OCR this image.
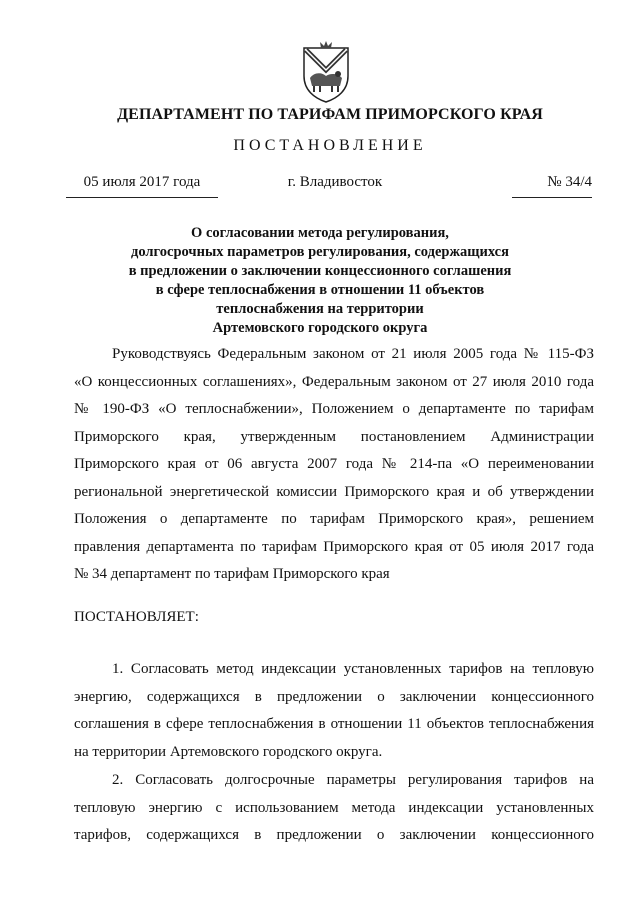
ДЕПАРТАМЕНТ ПО ТАРИФАМ ПРИМОРСКОГО КРАЯ
ПОСТАНОВЛЕНИЕ
05 июля 2017 года	г. Владивосток	№ 34/4
О согласовании метода регулирования,
долгосрочных параметров регулирования, содержащихся
в предложении о заключении концессионного соглашения
в сфере теплоснабжения в отношении 11 объектов
теплоснабжения на территории
Артемовского городского округа
Руководствуясь Федеральным законом от 21 июля 2005 года № 115-ФЗ
«О концессионных соглашениях», Федеральным законом от 27 июля 2010 года
№ 190-ФЗ «О теплоснабжении», Положением о департаменте по тарифам
Приморского края, утвержденным постановлением Администрации
Приморского края от 06 августа 2007 года № 214-па «О переименовании
региональной энергетической комиссии Приморского края и об утверждении
Положения о департаменте по тарифам Приморского края», решением
правления департамента по тарифам Приморского края от 05 июля 2017 года
№ 34 департамент по тарифам Приморского края
ПОСТАНОВЛЯЕТ:
1. Согласовать метод индексации установленных тарифов на тепловую
энергию, содержащихся в предложении о заключении концессионного
соглашения в сфере теплоснабжения в отношении 11 объектов теплоснабжения
на территории Артемовского городского округа.
2. Согласовать долгосрочные параметры регулирования тарифов на
тепловую энергию с использованием метода индексации установленных
тарифов, содержащихся в предложении о заключении концессионного
